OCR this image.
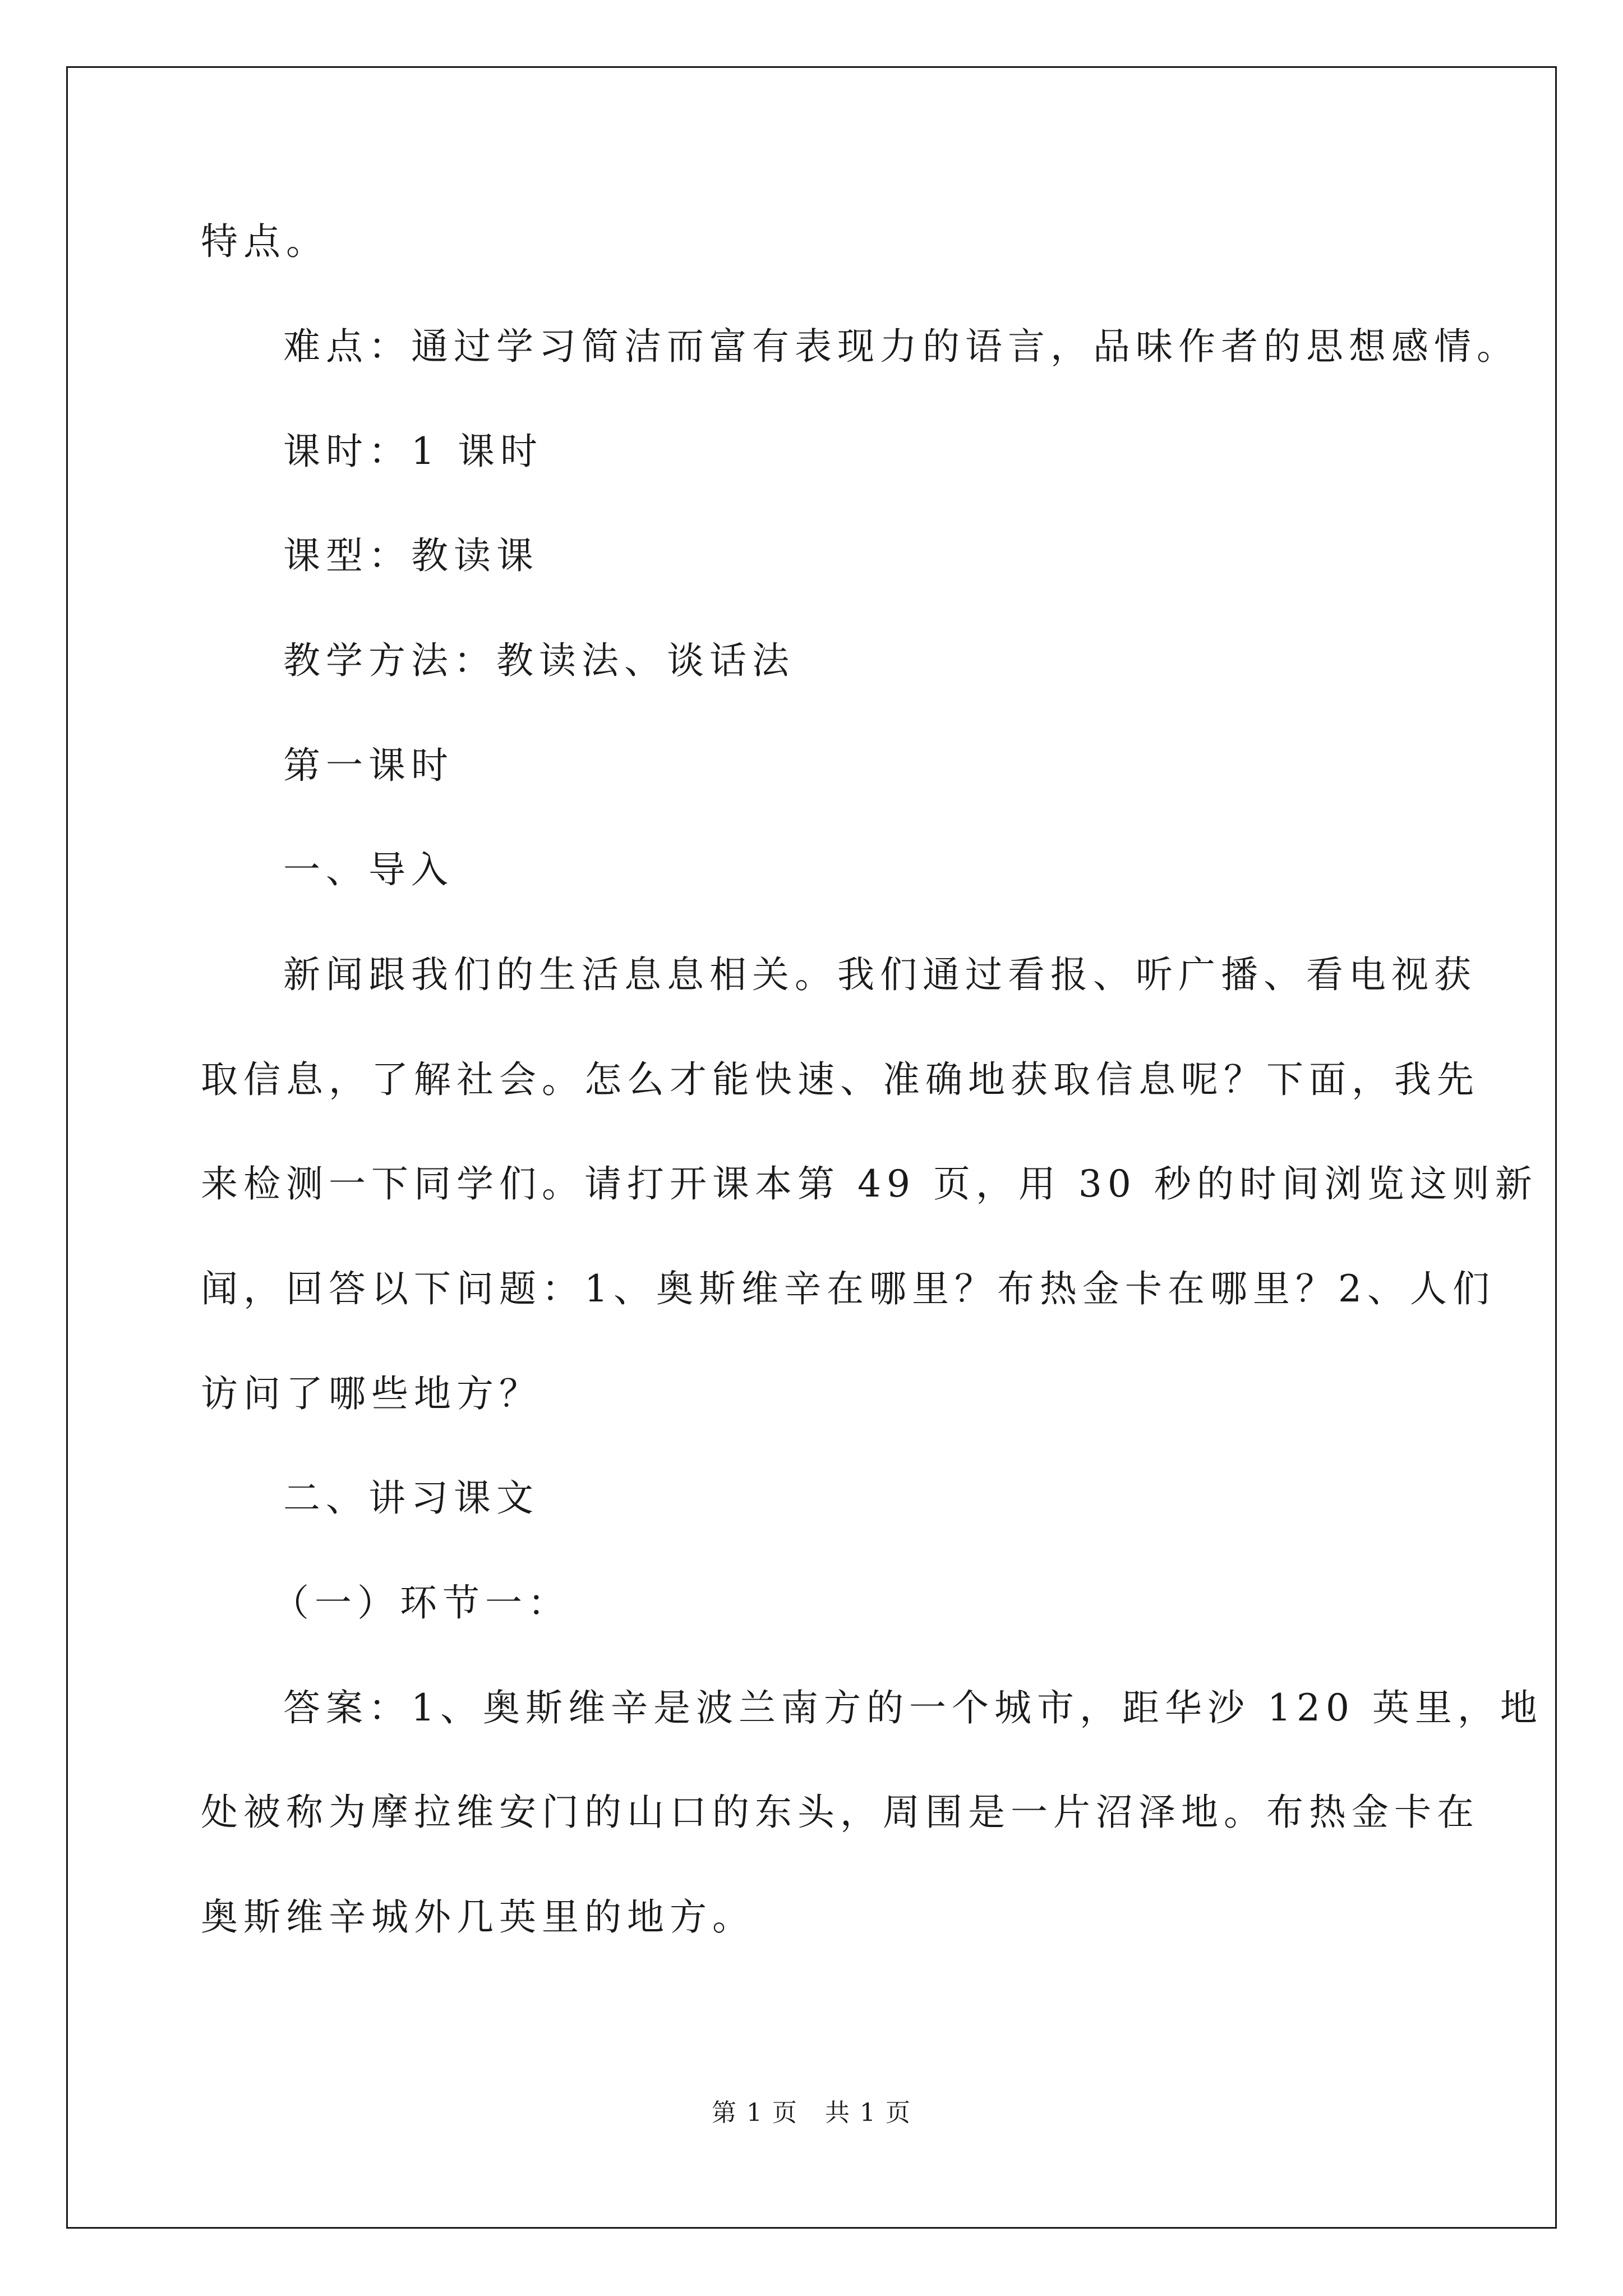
特点。
难点：通过学习简洁而富有表现力的语言，品味作者的思想感情。
课时：1 课时
课型：教读课
教学方法：教读法、谈话法
第一课时
一、导入
新闻跟我们的生活息息相关。我们通过看报、听广播、看电视获
取信息，了解社会。怎么才能快速、准确地获取信息呢？下面，我先
来检测一下同学们。请打开课本第 49 页，用 30 秒的时间浏览这则新
闻，回答以下问题：1、奥斯维辛在哪里？布热金卡在哪里？2、人们
访问了哪些地方？
二、讲习课文
（一）环节一：
答案：1、奥斯维辛是波兰南方的一个城市，距华沙 120 英里，地
处被称为摩拉维安门的山口的东头，周围是一片沼泽地。布热金卡在
奥斯维辛城外几英里的地方。
第 1 页   共 1 页
